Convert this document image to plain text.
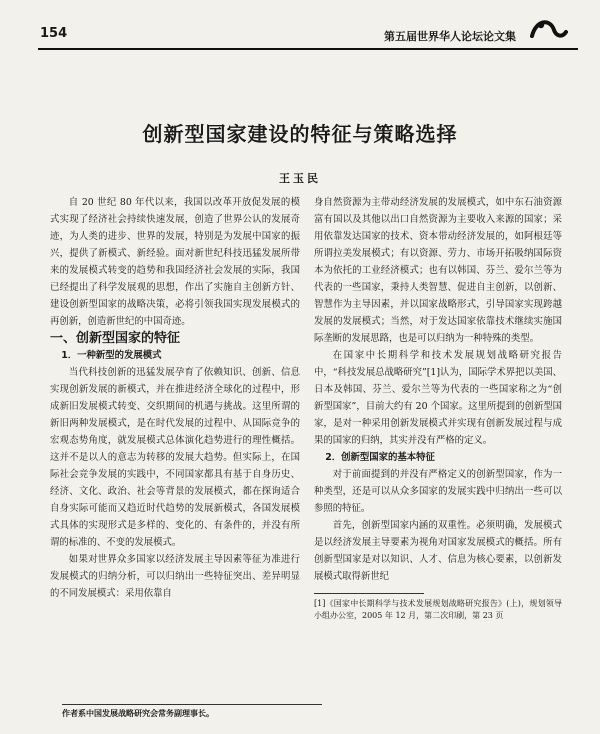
154	第五届世界华人论坛论文集
创新型国家建设的特征与策略选择
王玉民

自 20 世纪 80 年代以来，我国以改革开放促发展的模式实现了经济社会持续快速发展，创造了世界公认的发展奇迹，为人类的进步、世界的发展，特别是为发展中国家的振兴，提供了新模式、新经验。面对新世纪科技迅猛发展所带来的发展模式转变的趋势和我国经济社会发展的实际，我国已经提出了科学发展观的思想，作出了实施自主创新方针、建设创新型国家的战略决策，必将引领我国实现发展模式的再创新，创造新世纪的中国奇迹。

一、创新型国家的特征

1．一种新型的发展模式

当代科技创新的迅猛发展孕育了依赖知识、创新、信息实现创新发展的新模式，并在推进经济全球化的过程中，形成新旧发展模式转变、交织期间的机遇与挑战。这里所谓的新旧两种发展模式，是在时代发展的过程中、从国际竞争的宏观态势角度，就发展模式总体演化趋势进行的理性概括。这并不是以人的意志为转移的发展大趋势。但实际上，在国际社会竞争发展的实践中，不同国家都具有基于自身历史、经济、文化、政治、社会等背景的发展模式，都在探询适合自身实际可能而又趋近时代趋势的发展新模式，各国发展模式具体的实现形式是多样的、变化的、有条件的，并没有所谓的标准的、不变的发展模式。

如果对世界众多国家以经济发展主导因素等征为准进行发展模式的归纳分析，可以归纳出一些特征突出、差异明显的不同发展模式：采用依靠自

身自然资源为主带动经济发展的发展模式，如中东石油资源富有国以及其他以出口自然资源为主要收入来源的国家；采用依靠发达国家的技术、资本带动经济发展的，如阿根廷等所谓拉美发展模式；有以资源、劳力、市场开拓吸纳国际资本为依托的工业经济模式；也有以韩国、芬兰、爱尔兰等为代表的一些国家，秉持人类智慧、促进自主创新，以创新、智慧作为主导因素，并以国家战略形式，引导国家实现跨越发展的发展模式；当然，对于发达国家依靠技术继续实施国际垄断的发展思路，也是可以归纳为一种特殊的类型。

在国家中长期科学和技术发展规划战略研究报告中，“科技发展总战略研究”[1]认为，国际学术界把以美国、日本及韩国、芬兰、爱尔兰等为代表的一些国家称之为“创新型国家”，目前大约有 20 个国家。这里所提到的创新型国家，是对一种采用创新发展模式并实现有创新发展过程与成果的国家的归纳，其实并没有严格的定义。

2．创新型国家的基本特征

对于前面提到的并没有严格定义的创新型国家，作为一种类型，还是可以从众多国家的发展实践中归纳出一些可以参照的特征。

首先，创新型国家内涵的双重性。必须明确，发展模式是以经济发展主导要素为视角对国家发展模式的概括。所有创新型国家是对以知识、人才、信息为核心要素，以创新发展模式取得新世纪

[1]《国家中长期科学与技术发展规划战略研究报告》(上)，规划领导小组办公室，2005 年 12 月，第二次印刷，第 23 页

作者系中国发展战略研究会常务副理事长。
